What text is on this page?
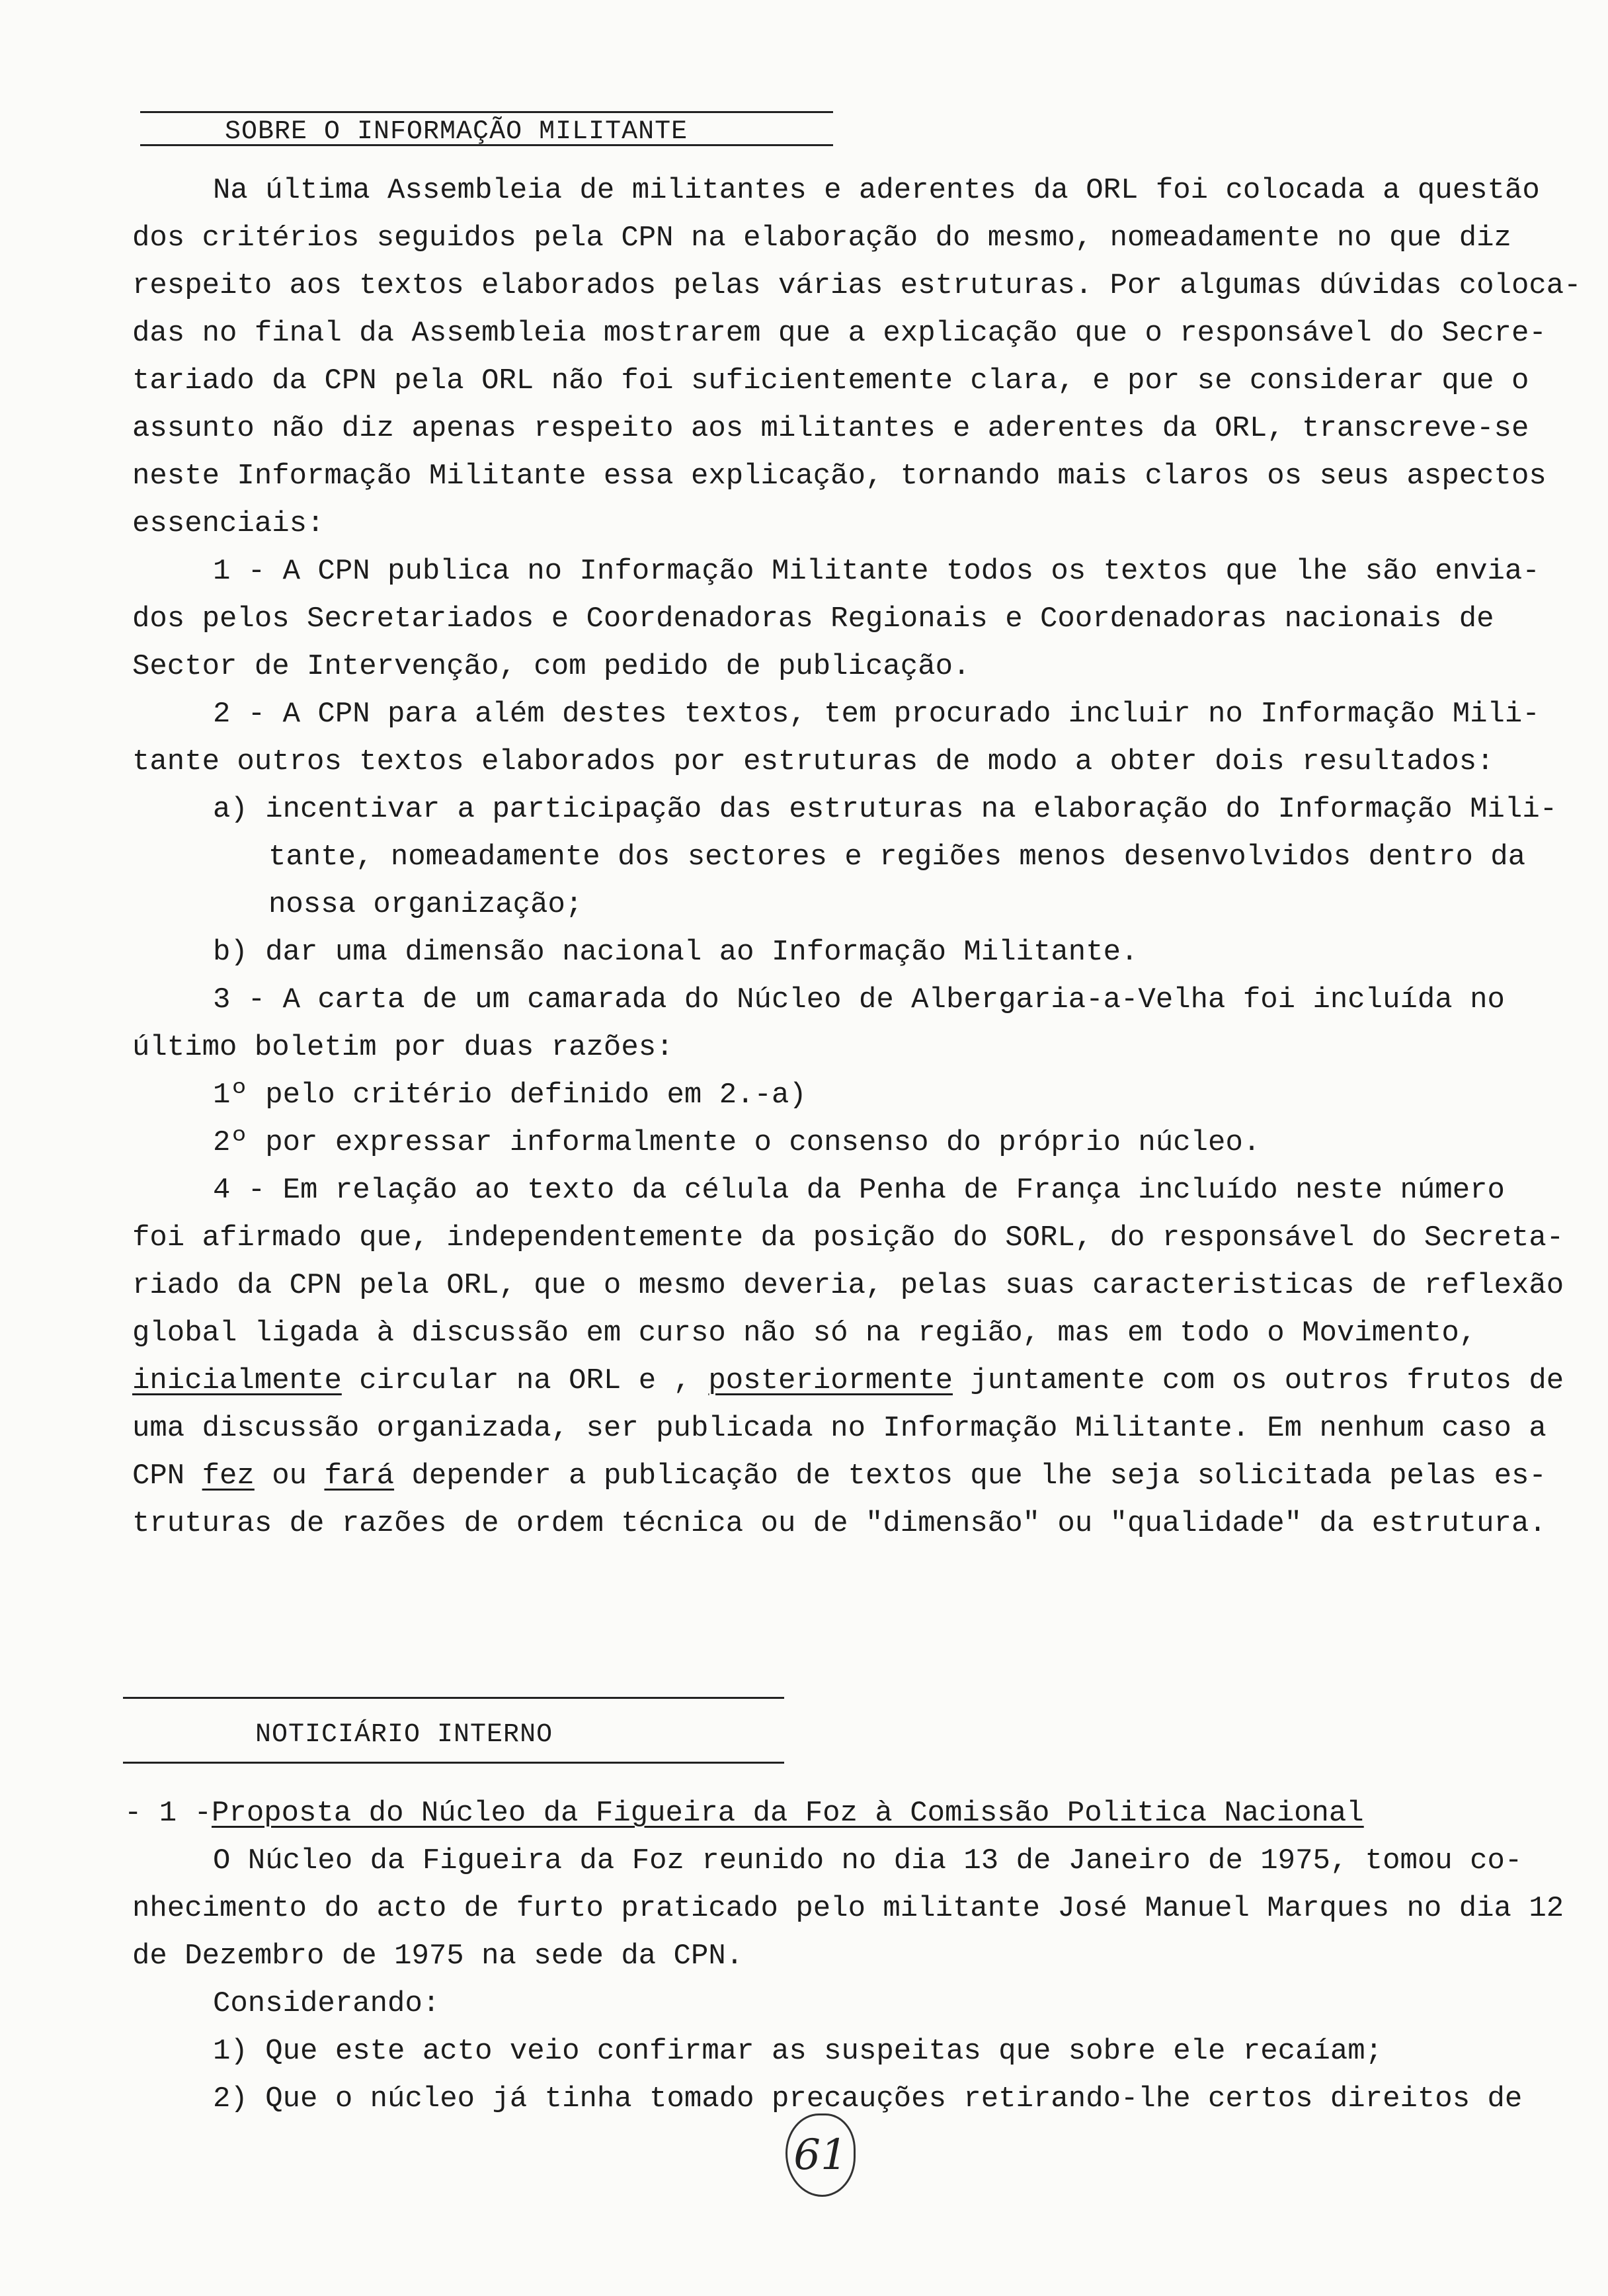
SOBRE O INFORMAÇÃO MILITANTE
Na última Assembleia de militantes e aderentes da ORL foi colocada a questão
dos critérios seguidos pela CPN na elaboração do mesmo, nomeadamente no que diz
respeito aos textos elaborados pelas várias estruturas. Por algumas dúvidas coloca-
das no final da Assembleia mostrarem que a explicação que o responsável do Secre-
tariado da CPN pela ORL não foi suficientemente clara, e por se considerar que o
assunto não diz apenas respeito aos militantes e aderentes da ORL, transcreve-se
neste Informação Militante essa explicação, tornando mais claros os seus aspectos
essenciais:
1 - A CPN publica no Informação Militante todos os textos que lhe são envia-
dos pelos Secretariados e Coordenadoras Regionais e Coordenadoras nacionais de
Sector de Intervenção, com pedido de publicação.
2 - A CPN para além destes textos, tem procurado incluir no Informação Mili-
tante outros textos elaborados por estruturas de modo a obter dois resultados:
a) incentivar a participação das estruturas na elaboração do Informação Mili-
tante, nomeadamente dos sectores e regiões menos desenvolvidos dentro da
nossa organização;
b) dar uma dimensão nacional ao Informação Militante.
3 - A carta de um camarada do Núcleo de Albergaria-a-Velha foi incluída no
último boletim por duas razões:
1º pelo critério definido em 2.-a)
2º por expressar informalmente o consenso do próprio núcleo.
4 - Em relação ao texto da célula da Penha de França incluído neste número
foi afirmado que, independentemente da posição do SORL, do responsável do Secreta-
riado da CPN pela ORL, que o mesmo deveria, pelas suas caracteristicas de reflexão
global ligada à discussão em curso não só na região, mas em todo o Movimento,
inicialmente circular na ORL e , posteriormente juntamente com os outros frutos de
uma discussão organizada, ser publicada no Informação Militante. Em nenhum caso a
CPN fez ou fará depender a publicação de textos que lhe seja solicitada pelas es-
truturas de razões de ordem técnica ou de "dimensão" ou "qualidade" da estrutura.
NOTICIÁRIO INTERNO
- 1 -Proposta do Núcleo da Figueira da Foz à Comissão Politica Nacional
O Núcleo da Figueira da Foz reunido no dia 13 de Janeiro de 1975, tomou co-
nhecimento do acto de furto praticado pelo militante José Manuel Marques no dia 12
de Dezembro de 1975 na sede da CPN.
Considerando:
1) Que este acto veio confirmar as suspeitas que sobre ele recaíam;
2) Que o núcleo já tinha tomado precauções retirando-lhe certos direitos de
61
